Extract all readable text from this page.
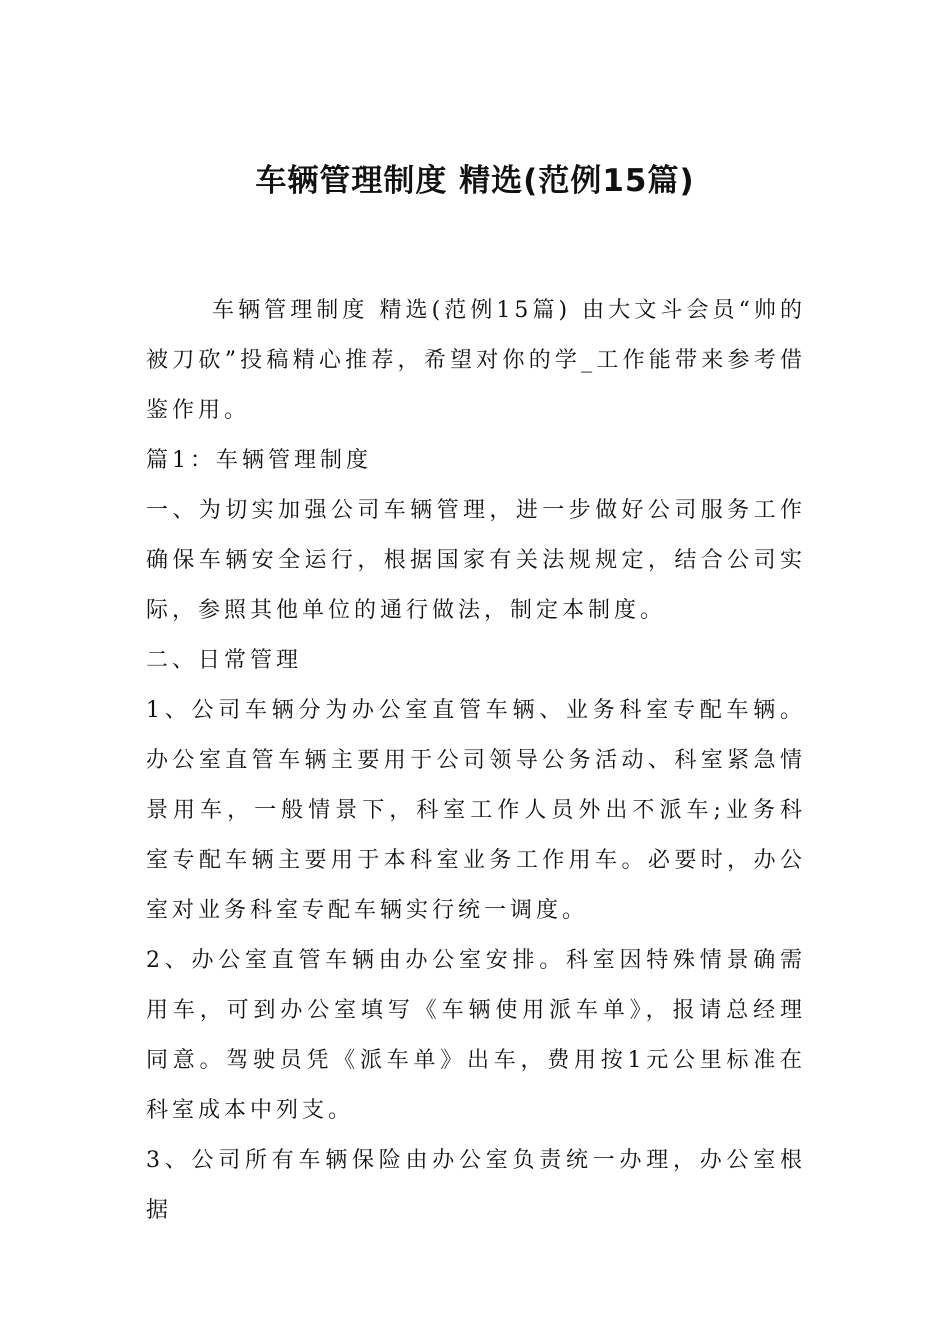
车辆管理制度 精选(范例15篇)

车辆管理制度 精选(范例15篇) 由大文斗会员“帅的被刀砍”投稿精心推荐，希望对你的学_工作能带来参考借鉴作用。

篇1：车辆管理制度

一、为切实加强公司车辆管理，进一步做好公司服务工作确保车辆安全运行，根据国家有关法规规定，结合公司实际，参照其他单位的通行做法，制定本制度。

二、日常管理

1、公司车辆分为办公室直管车辆、业务科室专配车辆。办公室直管车辆主要用于公司领导公务活动、科室紧急情景用车，一般情景下，科室工作人员外出不派车;业务科室专配车辆主要用于本科室业务工作用车。必要时，办公室对业务科室专配车辆实行统一调度。

2、办公室直管车辆由办公室安排。科室因特殊情景确需用车，可到办公室填写《车辆使用派车单》，报请总经理同意。驾驶员凭《派车单》出车，费用按1元公里标准在科室成本中列支。

3、公司所有车辆保险由办公室负责统一办理，办公室根据
